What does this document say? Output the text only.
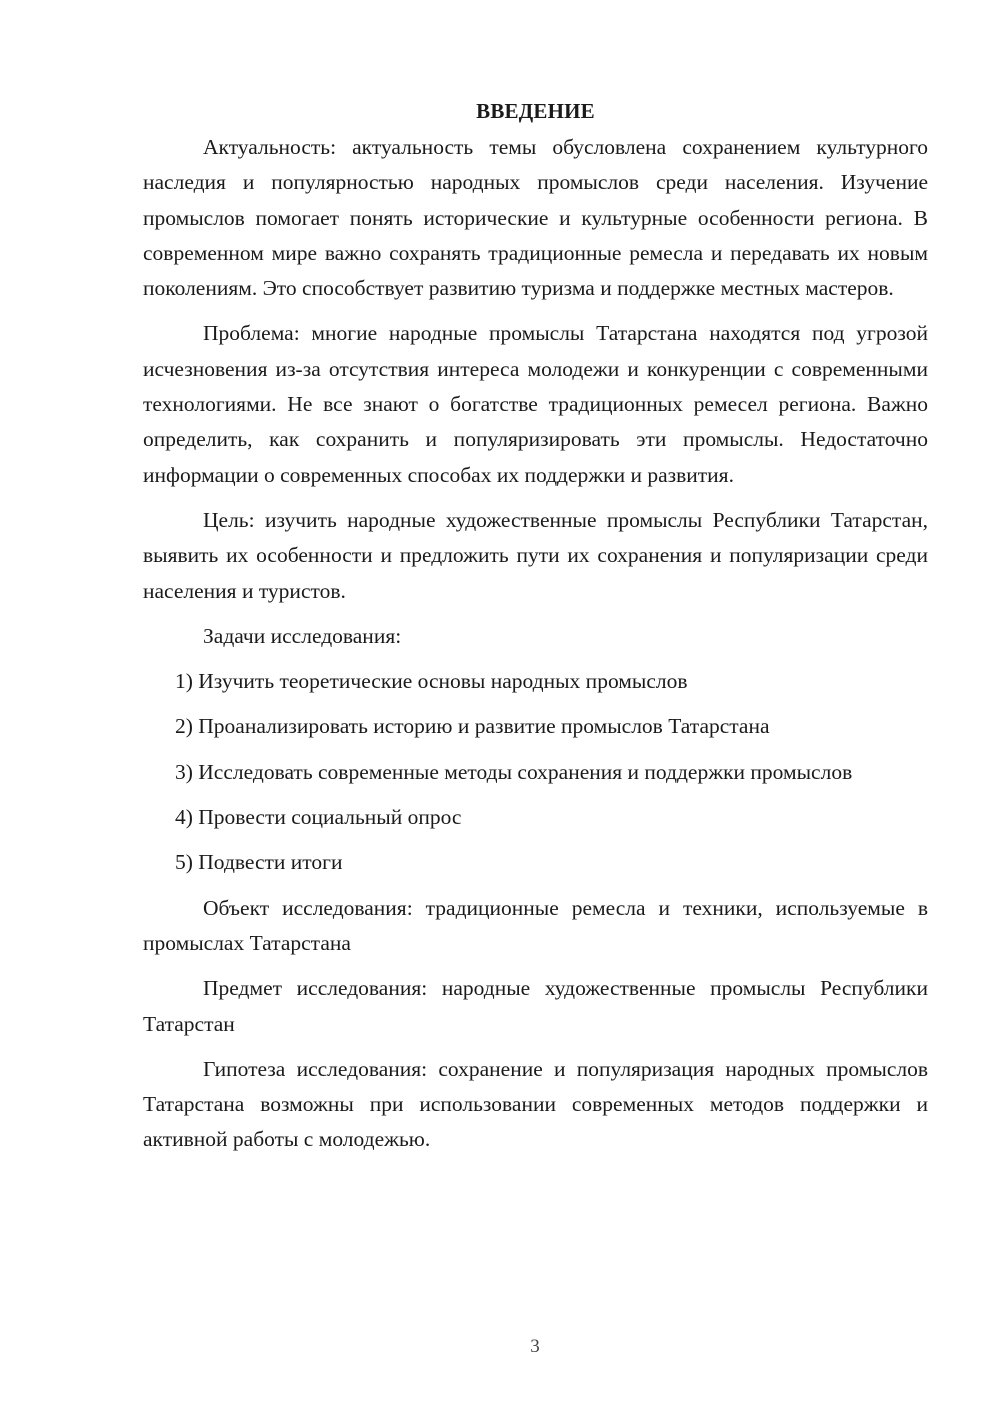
ВВЕДЕНИЕ

Актуальность: актуальность темы обусловлена сохранением культурного наследия и популярностью народных промыслов среди населения. Изучение промыслов помогает понять исторические и культурные особенности региона. В современном мире важно сохранять традиционные ремесла и передавать их новым поколениям. Это способствует развитию туризма и поддержке местных мастеров.

Проблема: многие народные промыслы Татарстана находятся под угрозой исчезновения из-за отсутствия интереса молодежи и конкуренции с современными технологиями. Не все знают о богатстве традиционных ремесел региона. Важно определить, как сохранить и популяризировать эти промыслы. Недостаточно информации о современных способах их поддержки и развития.

Цель: изучить народные художественные промыслы Республики Татарстан, выявить их особенности и предложить пути их сохранения и популяризации среди населения и туристов.

Задачи исследования:

1) Изучить теоретические основы народных промыслов

2) Проанализировать историю и развитие промыслов Татарстана

3) Исследовать современные методы сохранения и поддержки промыслов

4) Провести социальный опрос

5) Подвести итоги

Объект исследования: традиционные ремесла и техники, используемые в промыслах Татарстана

Предмет исследования: народные художественные промыслы Республики Татарстан

Гипотеза исследования: сохранение и популяризация народных промыслов Татарстана возможны при использовании современных методов поддержки и активной работы с молодежью.

3
